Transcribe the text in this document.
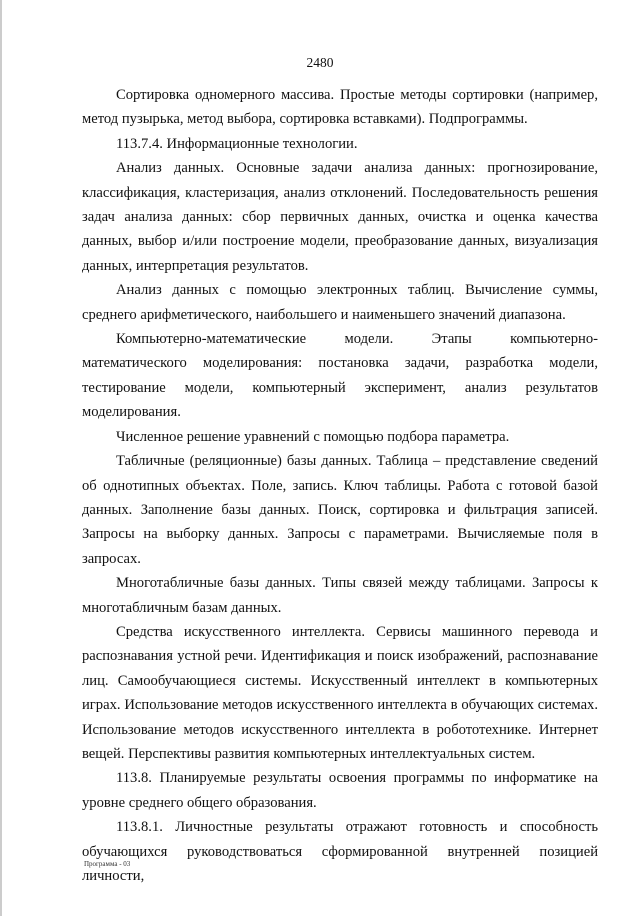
2480

Сортировка одномерного массива. Простые методы сортировки (например, метод пузырька, метод выбора, сортировка вставками). Подпрограммы.

113.7.4. Информационные технологии.

Анализ данных. Основные задачи анализа данных: прогнозирование, классификация, кластеризация, анализ отклонений. Последовательность решения задач анализа данных: сбор первичных данных, очистка и оценка качества данных, выбор и/или построение модели, преобразование данных, визуализация данных, интерпретация результатов.

Анализ данных с помощью электронных таблиц. Вычисление суммы, среднего арифметического, наибольшего и наименьшего значений диапазона.

Компьютерно-математические модели. Этапы компьютерно-математического моделирования: постановка задачи, разработка модели, тестирование модели, компьютерный эксперимент, анализ результатов моделирования.

Численное решение уравнений с помощью подбора параметра.

Табличные (реляционные) базы данных. Таблица – представление сведений об однотипных объектах. Поле, запись. Ключ таблицы. Работа с готовой базой данных. Заполнение базы данных. Поиск, сортировка и фильтрация записей. Запросы на выборку данных. Запросы с параметрами. Вычисляемые поля в запросах.

Многотабличные базы данных. Типы связей между таблицами. Запросы к многотабличным базам данных.

Средства искусственного интеллекта. Сервисы машинного перевода и распознавания устной речи. Идентификация и поиск изображений, распознавание лиц. Самообучающиеся системы. Искусственный интеллект в компьютерных играх. Использование методов искусственного интеллекта в обучающих системах. Использование методов искусственного интеллекта в робототехнике. Интернет вещей. Перспективы развития компьютерных интеллектуальных систем.

113.8. Планируемые результаты освоения программы по информатике на уровне среднего общего образования.

113.8.1. Личностные результаты отражают готовность и способность обучающихся руководствоваться сформированной внутренней позицией личности,

Программа - 03
